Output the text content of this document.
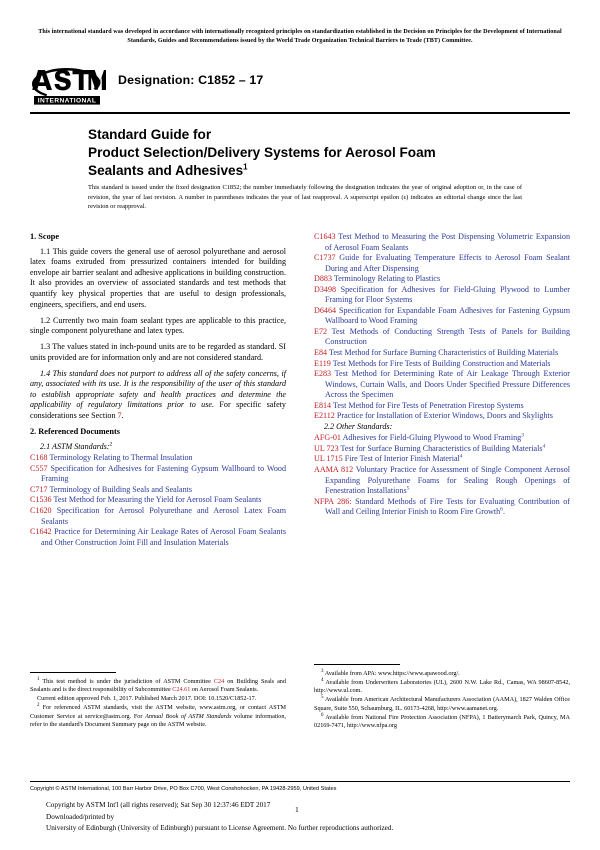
This international standard was developed in accordance with internationally recognized principles on standardization established in the Decision on Principles for the Development of International Standards, Guides and Recommendations issued by the World Trade Organization Technical Barriers to Trade (TBT) Committee.
INTERNATIONAL
Designation: C1852 – 17
Standard Guide for
Product Selection/Delivery Systems for Aerosol Foam
Sealants and Adhesives$^1$
This standard is issued under the fixed designation C1852; the number immediately following the designation indicates the year of original adoption or, in the case of revision, the year of last revision. A number in parentheses indicates the year of last reapproval. A superscript epsilon (ε) indicates an editorial change since the last revision or reapproval.
1. Scope

1.1 This guide covers the general use of aerosol polyurethane and aerosol latex foams extruded from pressurized containers intended for building envelope air barrier sealant and adhesive applications in building construction. It also provides an overview of associated standards and test methods that quantify key physical properties that are useful to design professionals, engineers, specifiers, and end users.

1.2 Currently two main foam sealant types are applicable to this practice, single component polyurethane and latex types.

1.3 The values stated in inch-pound units are to be regarded as standard. SI units provided are for information only and are not considered standard.

1.4 This standard does not purport to address all of the safety concerns, if any, associated with its use. It is the responsibility of the user of this standard to establish appropriate safety and health practices and determine the applicability of regulatory limitations prior to use. For specific safety considerations see Section 7.

2. Referenced Documents

2.1 ASTM Standards:$^2$

C168 Terminology Relating to Thermal Insulation

C557 Specification for Adhesives for Fastening Gypsum Wallboard to Wood Framing

C717 Terminology of Building Seals and Sealants

C1536 Test Method for Measuring the Yield for Aerosol Foam Sealants

C1620 Specification for Aerosol Polyurethane and Aerosol Latex Foam Sealants

C1642 Practice for Determining Air Leakage Rates of Aerosol Foam Sealants and Other Construction Joint Fill and Insulation Materials

C1643 Test Method to Measuring the Post Dispensing Volumetric Expansion of Aerosol Foam Sealants

C1737 Guide for Evaluating Temperature Effects to Aerosol Foam Sealant During and After Dispensing

D883 Terminology Relating to Plastics

D3498 Specification for Adhesives for Field-Gluing Plywood to Lumber Framing for Floor Systems

D6464 Specification for Expandable Foam Adhesives for Fastening Gypsum Wallboard to Wood Framing

E72 Test Methods of Conducting Strength Tests of Panels for Building Construction

E84 Test Method for Surface Burning Characteristics of Building Materials

E119 Test Methods for Fire Tests of Building Construction and Materials

E283 Test Method for Determining Rate of Air Leakage Through Exterior Windows, Curtain Walls, and Doors Under Specified Pressure Differences Across the Specimen

E814 Test Method for Fire Tests of Penetration Firestop Systems

E2112 Practice for Installation of Exterior Windows, Doors and Skylights

2.2 Other Standards:

AFG-01 Adhesives for Field-Gluing Plywood to Wood Framing$^3$

UL 723 Test for Surface Burning Characteristics of Building Materials$^4$

UL 1715 Fire Test of Interior Finish Material$^4$

AAMA 812 Voluntary Practice for Assessment of Single Component Aerosol Expanding Polyurethane Foams for Sealing Rough Openings of Fenestration Installations$^5$

NFPA 286: Standard Methods of Fire Tests for Evaluating Contribution of Wall and Ceiling Interior Finish to Room Fire Growth$^6$.

$^1$ This test method is under the jurisdiction of ASTM Committee C24 on Building Seals and Sealants and is the direct responsibility of Subcommittee C24.61 on Aerosol Foam Sealants.

Current edition approved Feb. 1, 2017. Published March 2017. DOI: 10.1520/C1852-17.

$^2$ For referenced ASTM standards, visit the ASTM website, www.astm.org, or contact ASTM Customer Service at service@astm.org. For Annual Book of ASTM Standards volume information, refer to the standard's Document Summary page on the ASTM website.

$^3$ Available from APA: www.https://www.apawood.org/.

$^4$ Available from Underwriters Laboratories (UL), 2600 N.W. Lake Rd., Camas, WA 98607-8542, http://www.ul.com.

$^5$ Available from American Architectural Manufacturers Association (AAMA), 1827 Walden Office Square, Suite 550, Schaumburg, IL. 60173-4268, http://www.aamanet.org.

$^6$ Available from National Fire Protection Association (NFPA), 1 Batterymarch Park, Quincy, MA 02169-7471, http://www.nfpa.org

Copyright © ASTM International, 100 Barr Harbor Drive, PO Box C700, West Conshohocken, PA 19428-2959, United States
Copyright by ASTM Int'l (all rights reserved); Sat Sep 30 12:37:46 EDT 2017
Downloaded/printed by
University of Edinburgh (University of Edinburgh) pursuant to License Agreement. No further reproductions authorized.
1
